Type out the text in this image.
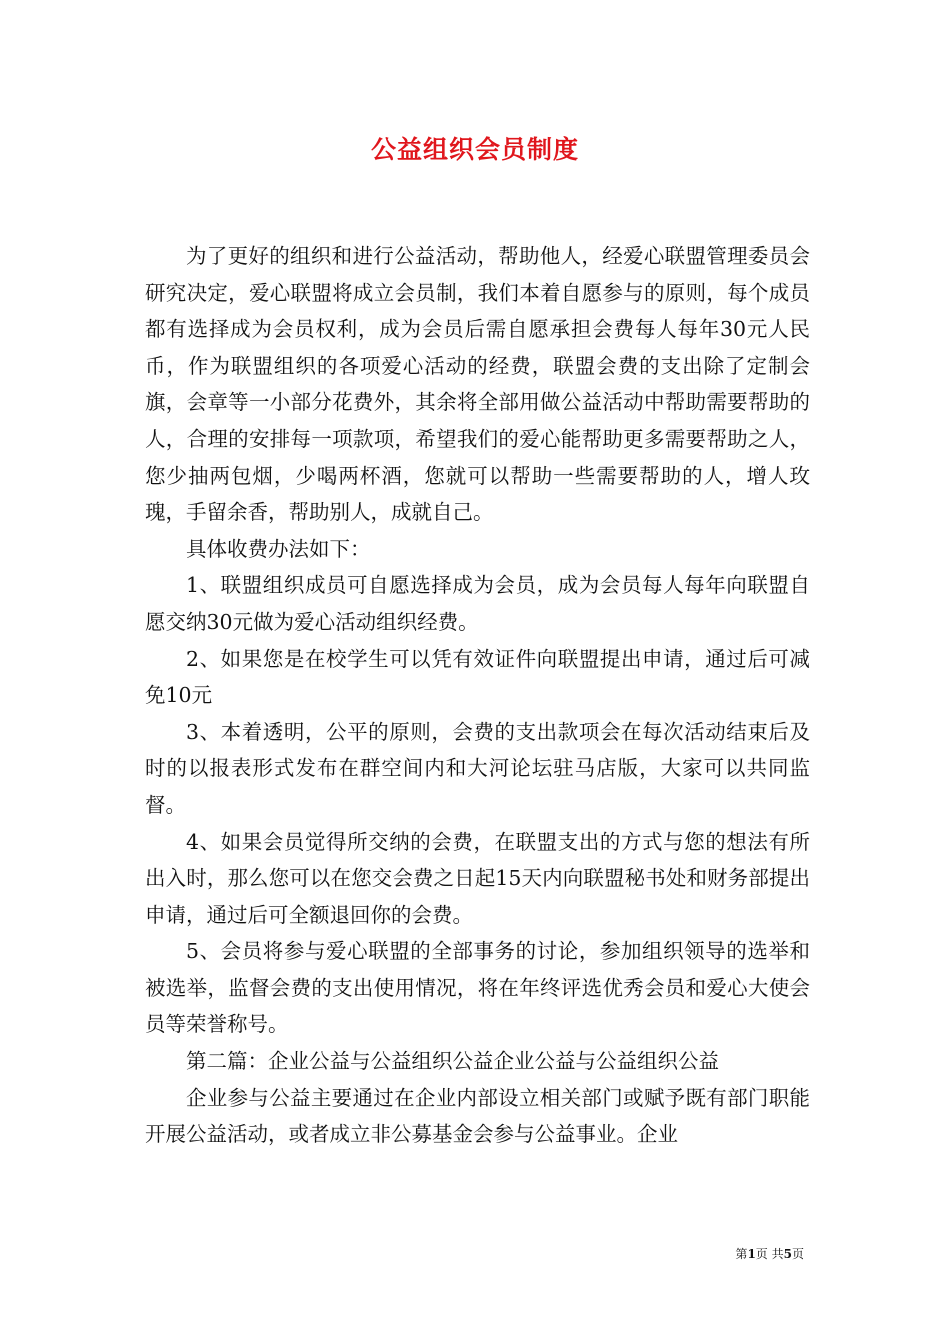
公益组织会员制度

为了更好的组织和进行公益活动，帮助他人，经爱心联盟管理委员会研究决定，爱心联盟将成立会员制，我们本着自愿参与的原则，每个成员都有选择成为会员权利，成为会员后需自愿承担会费每人每年30元人民币，作为联盟组织的各项爱心活动的经费，联盟会费的支出除了定制会旗，会章等一小部分花费外，其余将全部用做公益活动中帮助需要帮助的人，合理的安排每一项款项，希望我们的爱心能帮助更多需要帮助之人，您少抽两包烟，少喝两杯酒，您就可以帮助一些需要帮助的人，增人玫瑰，手留余香，帮助别人，成就自己。

具体收费办法如下：

1、联盟组织成员可自愿选择成为会员，成为会员每人每年向联盟自愿交纳30元做为爱心活动组织经费。

2、如果您是在校学生可以凭有效证件向联盟提出申请，通过后可减免10元

3、本着透明，公平的原则，会费的支出款项会在每次活动结束后及时的以报表形式发布在群空间内和大河论坛驻马店版，大家可以共同监督。

4、如果会员觉得所交纳的会费，在联盟支出的方式与您的想法有所出入时，那么您可以在您交会费之日起15天内向联盟秘书处和财务部提出申请，通过后可全额退回你的会费。

5、会员将参与爱心联盟的全部事务的讨论，参加组织领导的选举和被选举，监督会费的支出使用情况，将在年终评选优秀会员和爱心大使会员等荣誉称号。

第二篇：企业公益与公益组织公益企业公益与公益组织公益

企业参与公益主要通过在企业内部设立相关部门或赋予既有部门职能开展公益活动，或者成立非公募基金会参与公益事业。企业

第1页 共5页
